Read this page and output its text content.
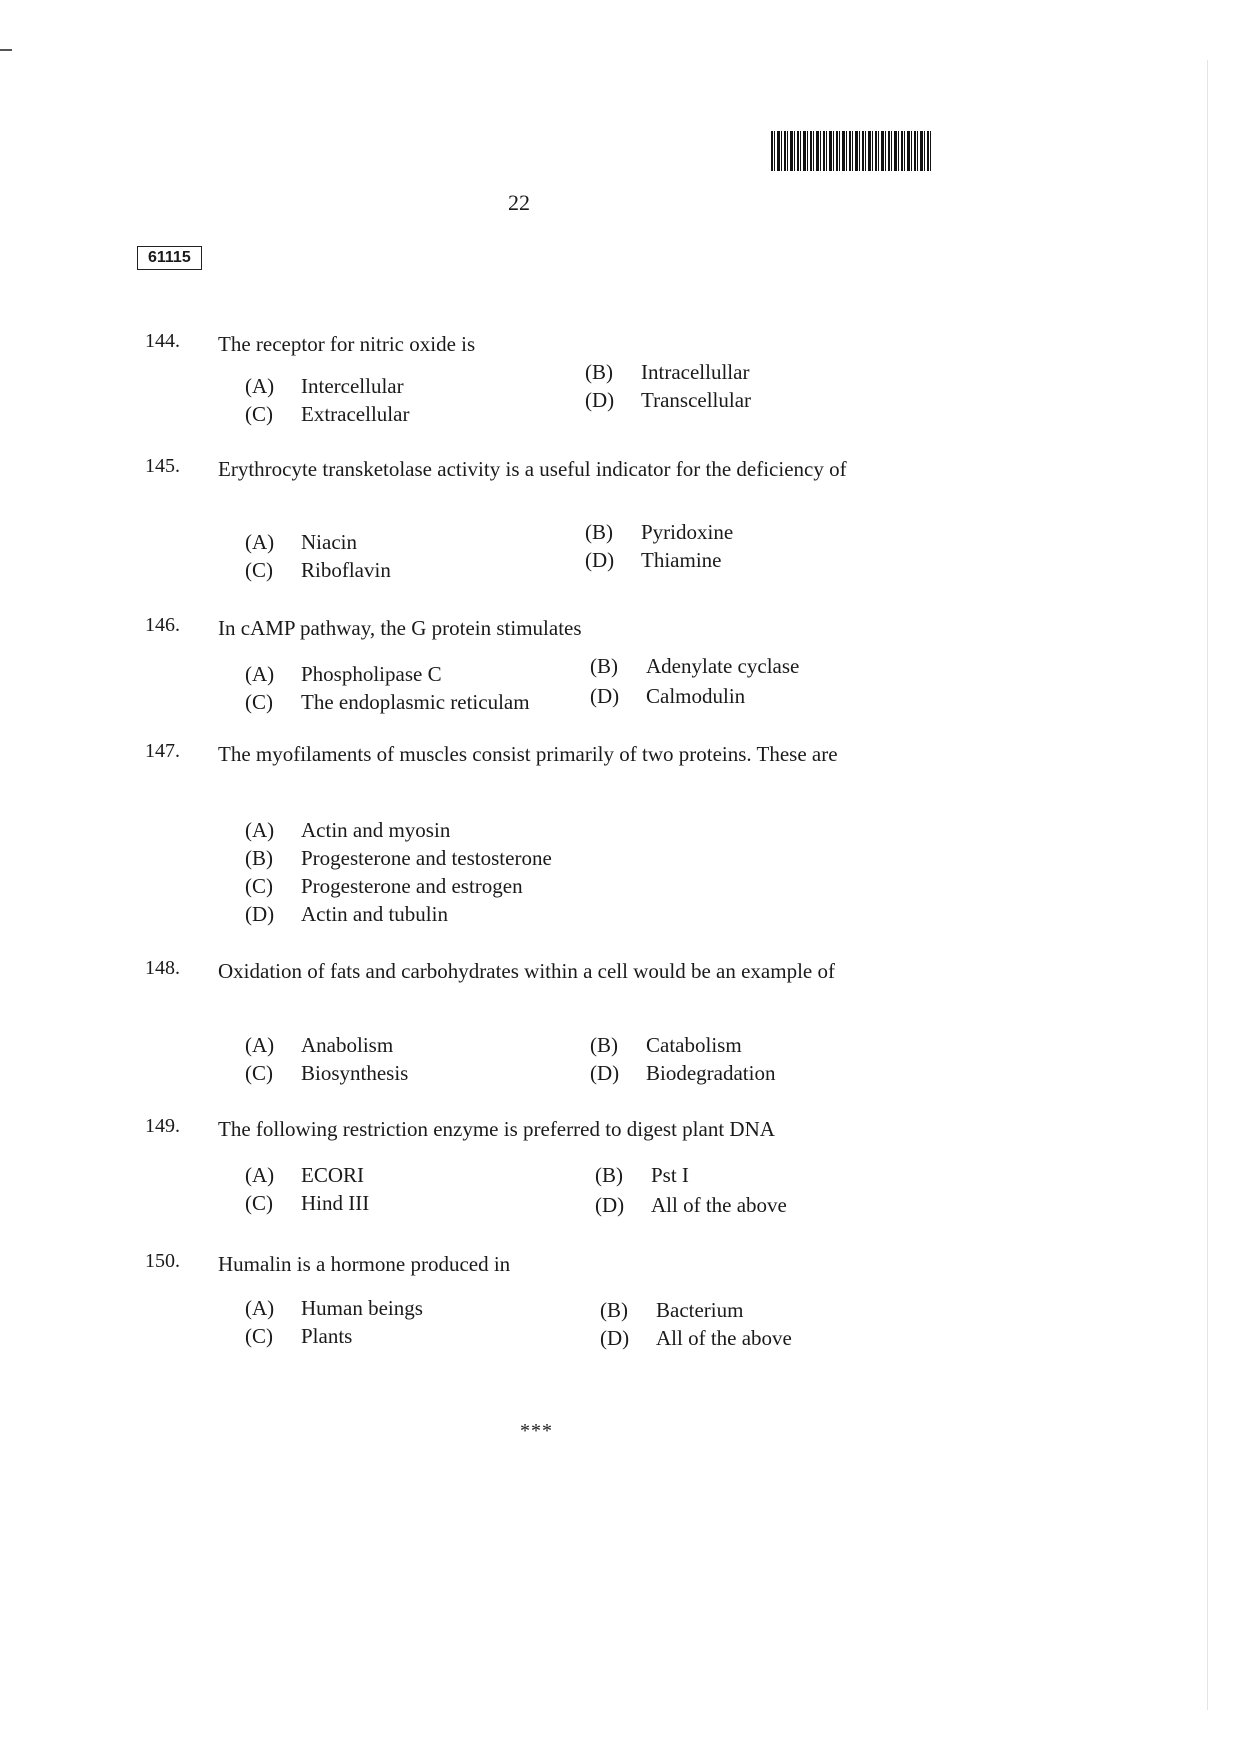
22
61115
144. The receptor for nitric oxide is
(A) Intercellular
(B) Intracellullar
(C) Extracellular
(D) Transcellular
145. Erythrocyte transketolase activity is a useful indicator for the deficiency of
(A) Niacin	(B) Pyridoxine
(C) Riboflavin	(D) Thiamine
146. In cAMP pathway, the G protein stimulates
(A) Phospholipase C	(B) Adenylate cyclase
(C) The endoplasmic reticulam	(D) Calmodulin
147. The myofilaments of muscles consist primarily of two proteins. These are
(A) Actin and myosin
(B) Progesterone and testosterone
(C) Progesterone and estrogen
(D) Actin and tubulin
148. Oxidation of fats and carbohydrates within a cell would be an example of
(A) Anabolism	(B) Catabolism
(C) Biosynthesis	(D) Biodegradation
149. The following restriction enzyme is preferred to digest plant DNA
(A) ECORI	(B) Pst I
(C) Hind III	(D) All of the above
150. Humalin is a hormone produced in
(A) Human beings	(B) Bacterium
(C) Plants	(D) All of the above
***
